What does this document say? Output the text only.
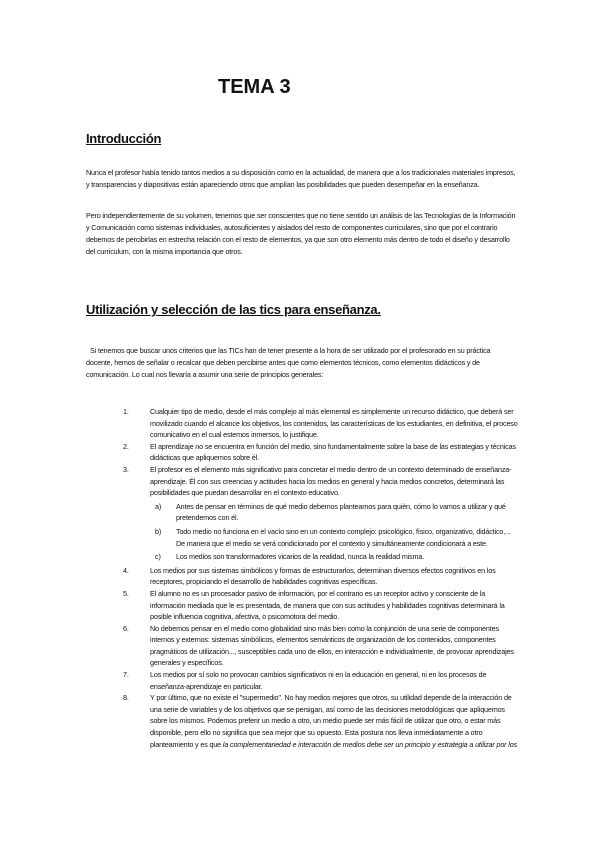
TEMA 3
Introducción

Nunca el profesor había tenido tantos medios a su disposición como en la actualidad, de manera que a los tradicionales materiales impresos, y transparencias y diapositivas están apareciendo otros que amplían las posibilidades que pueden desempeñar en la enseñanza.

Pero independientemente de su volumen, tenemos que ser conscientes que no tiene sentido un análisis de las Tecnologías de la Información y Comunicación como sistemas individuales, autosuficientes y aislados del resto de componentes curriculares, sino que por el contrario debemos de percibirlas en estrecha relación con el resto de elementos, ya que son otro elemento más dentro de todo el diseño y desarrollo del curriculum, con la misma importancia que otros.

Utilización y selección de las tics para enseñanza.

Si tenemos que buscar unos criterios que las TICs han de tener presente a la hora de ser utilizado por el profesorado en su práctica docente, hemos de señalar o recalcar que deben percibirse antes que como elementos técnicos, como elementos didácticos y de comunicación. Lo cual nos llevaría a asumir una serie de principios generales:

1.	Cualquier tipo de medio, desde el más complejo al más elemental es simplemente un recurso didáctico, que deberá ser movilizado cuando el alcance los objetivos, los contenidos, las características de los estudiantes, en definitiva, el proceso comunicativo en el cual estemos inmersos, lo justifique.
2.	El aprendizaje no se encuentra en función del medio, sino fundamentalmente sobre la base de las estrategias y técnicas didácticas que apliquemos sobre él.
3.	El profesor es el elemento más significativo para concretar el medio dentro de un contexto determinado de enseñanza-aprendizaje. Él con sus creencias y actitudes hacia los medios en general y hacia medios concretos, determinará las posibilidades que puedan desarrollar en el contexto educativo.
a) Antes de pensar en términos de qué medio debemos plantearnos para quién, cómo lo vamos a utilizar y qué pretendemos con él.
b) Todo medio no funciona en el vacío sino en un contexto complejo: psicológico, físico, organizativo, didáctico,... De manera que el medio se verá condicionado por el contexto y simultáneamente condicionará a este.
c) Los medios son transformadores vicarios de la realidad, nunca la realidad misma.
4.	Los medios por sus sistemas simbólicos y formas de estructurarlos, determinan diversos efectos cognitivos en los receptores, propiciando el desarrollo de habilidades cognitivas específicas.
5.	El alumno no es un procesador pasivo de información, por el contrario es un receptor activo y consciente de la información mediada que le es presentada, de manera que con sus actitudes y habilidades cognitivas determinará la posible influencia cognitiva, afectiva, o psicomotora del medio.
6.	No debemos pensar en el medio como globalidad sino más bien como la conjunción de una serie de componentes internos y externos: sistemas simbólicos, elementos semánticos de organización de los contenidos, componentes pragmáticos de utilización..., susceptibles cada uno de ellos, en interacción e individualmente, de provocar aprendizajes generales y específicos.
7.	Los medios por sí solo no provocan cambios significativos ni en la educación en general, ni en los procesos de enseñanza-aprendizaje en particular.
8.	Y por último, que no existe el "supermedio". No hay medios mejores que otros, su utilidad depende de la interacción de una serie de variables y de los objetivos que se persigan, así como de las decisiones metodológicas que apliquemos sobre los mismos. Podemos preferir un medio a otro, un medio puede ser más fácil de utilizar que otro, o estar más disponible, pero ello no significa que sea mejor que su opuesto. Esta postura nos lleva inmediatamente a otro planteamiento y es que la complementariedad e interacción de medios debe ser un principio y estrategia a utilizar por los
